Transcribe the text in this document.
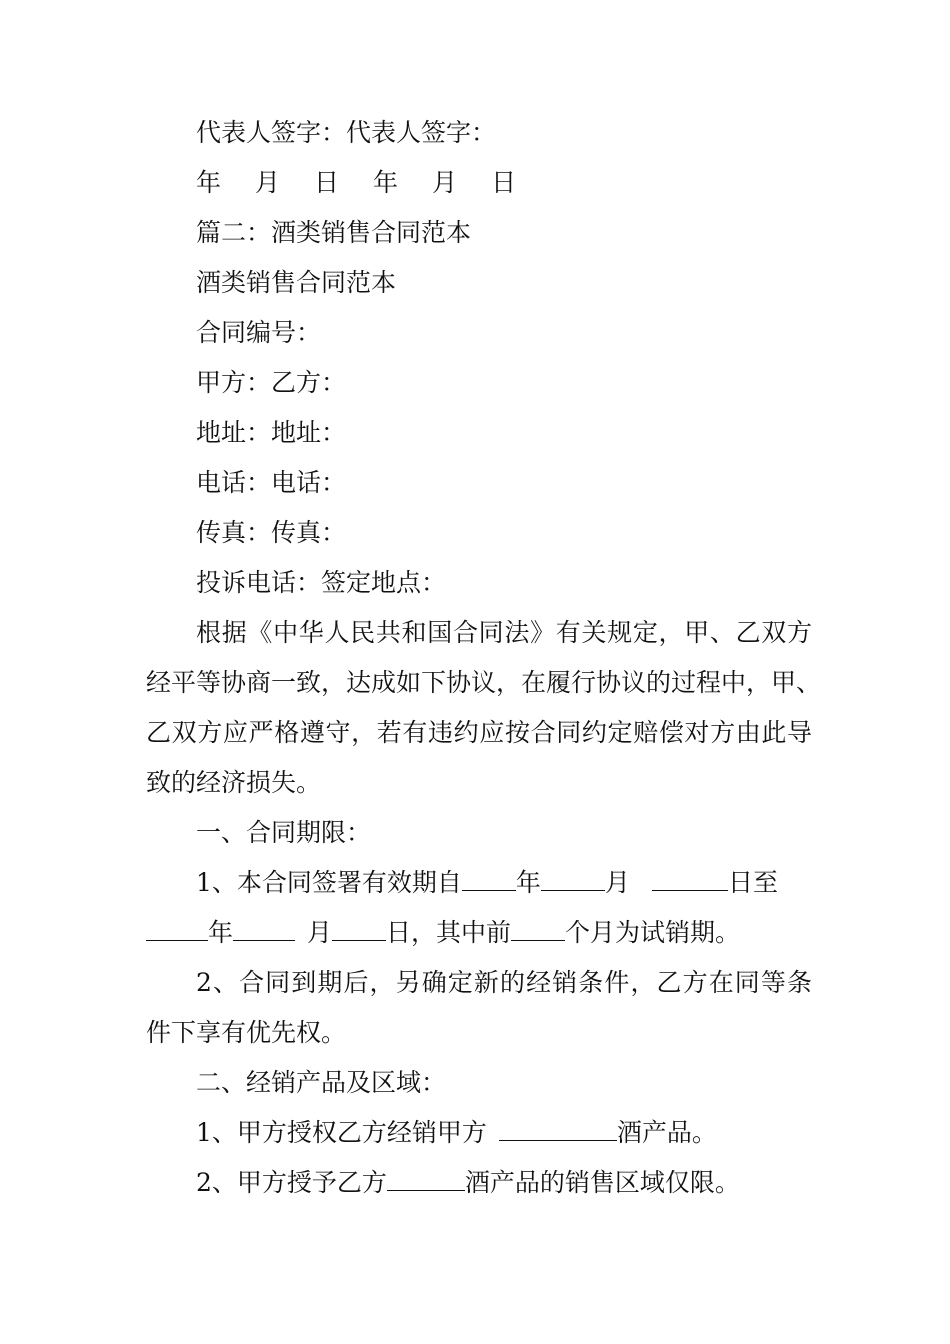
代表人签字：代表人签字：
年 月 日 年 月 日
篇二：酒类销售合同范本
酒类销售合同范本
合同编号：
甲方：乙方：
地址：地址：
电话：电话：
传真：传真：
投诉电话：签定地点：
根据《中华人民共和国合同法》有关规定，甲、乙双方
经平等协商一致，达成如下协议，在履行协议的过程中，甲、
乙双方应严格遵守，若有违约应按合同约定赔偿对方由此导
致的经济损失。
一、合同期限：
1、本合同签署有效期自 年	月	日至
年	月 日，其中前 个月为试销期。
2、合同到期后，另确定新的经销条件，乙方在同等条
件下享有优先权。
二、经销产品及区域：
1、甲方授权乙方经销甲方	酒产品。
2、甲方授予乙方	酒产品的销售区域仅限。
